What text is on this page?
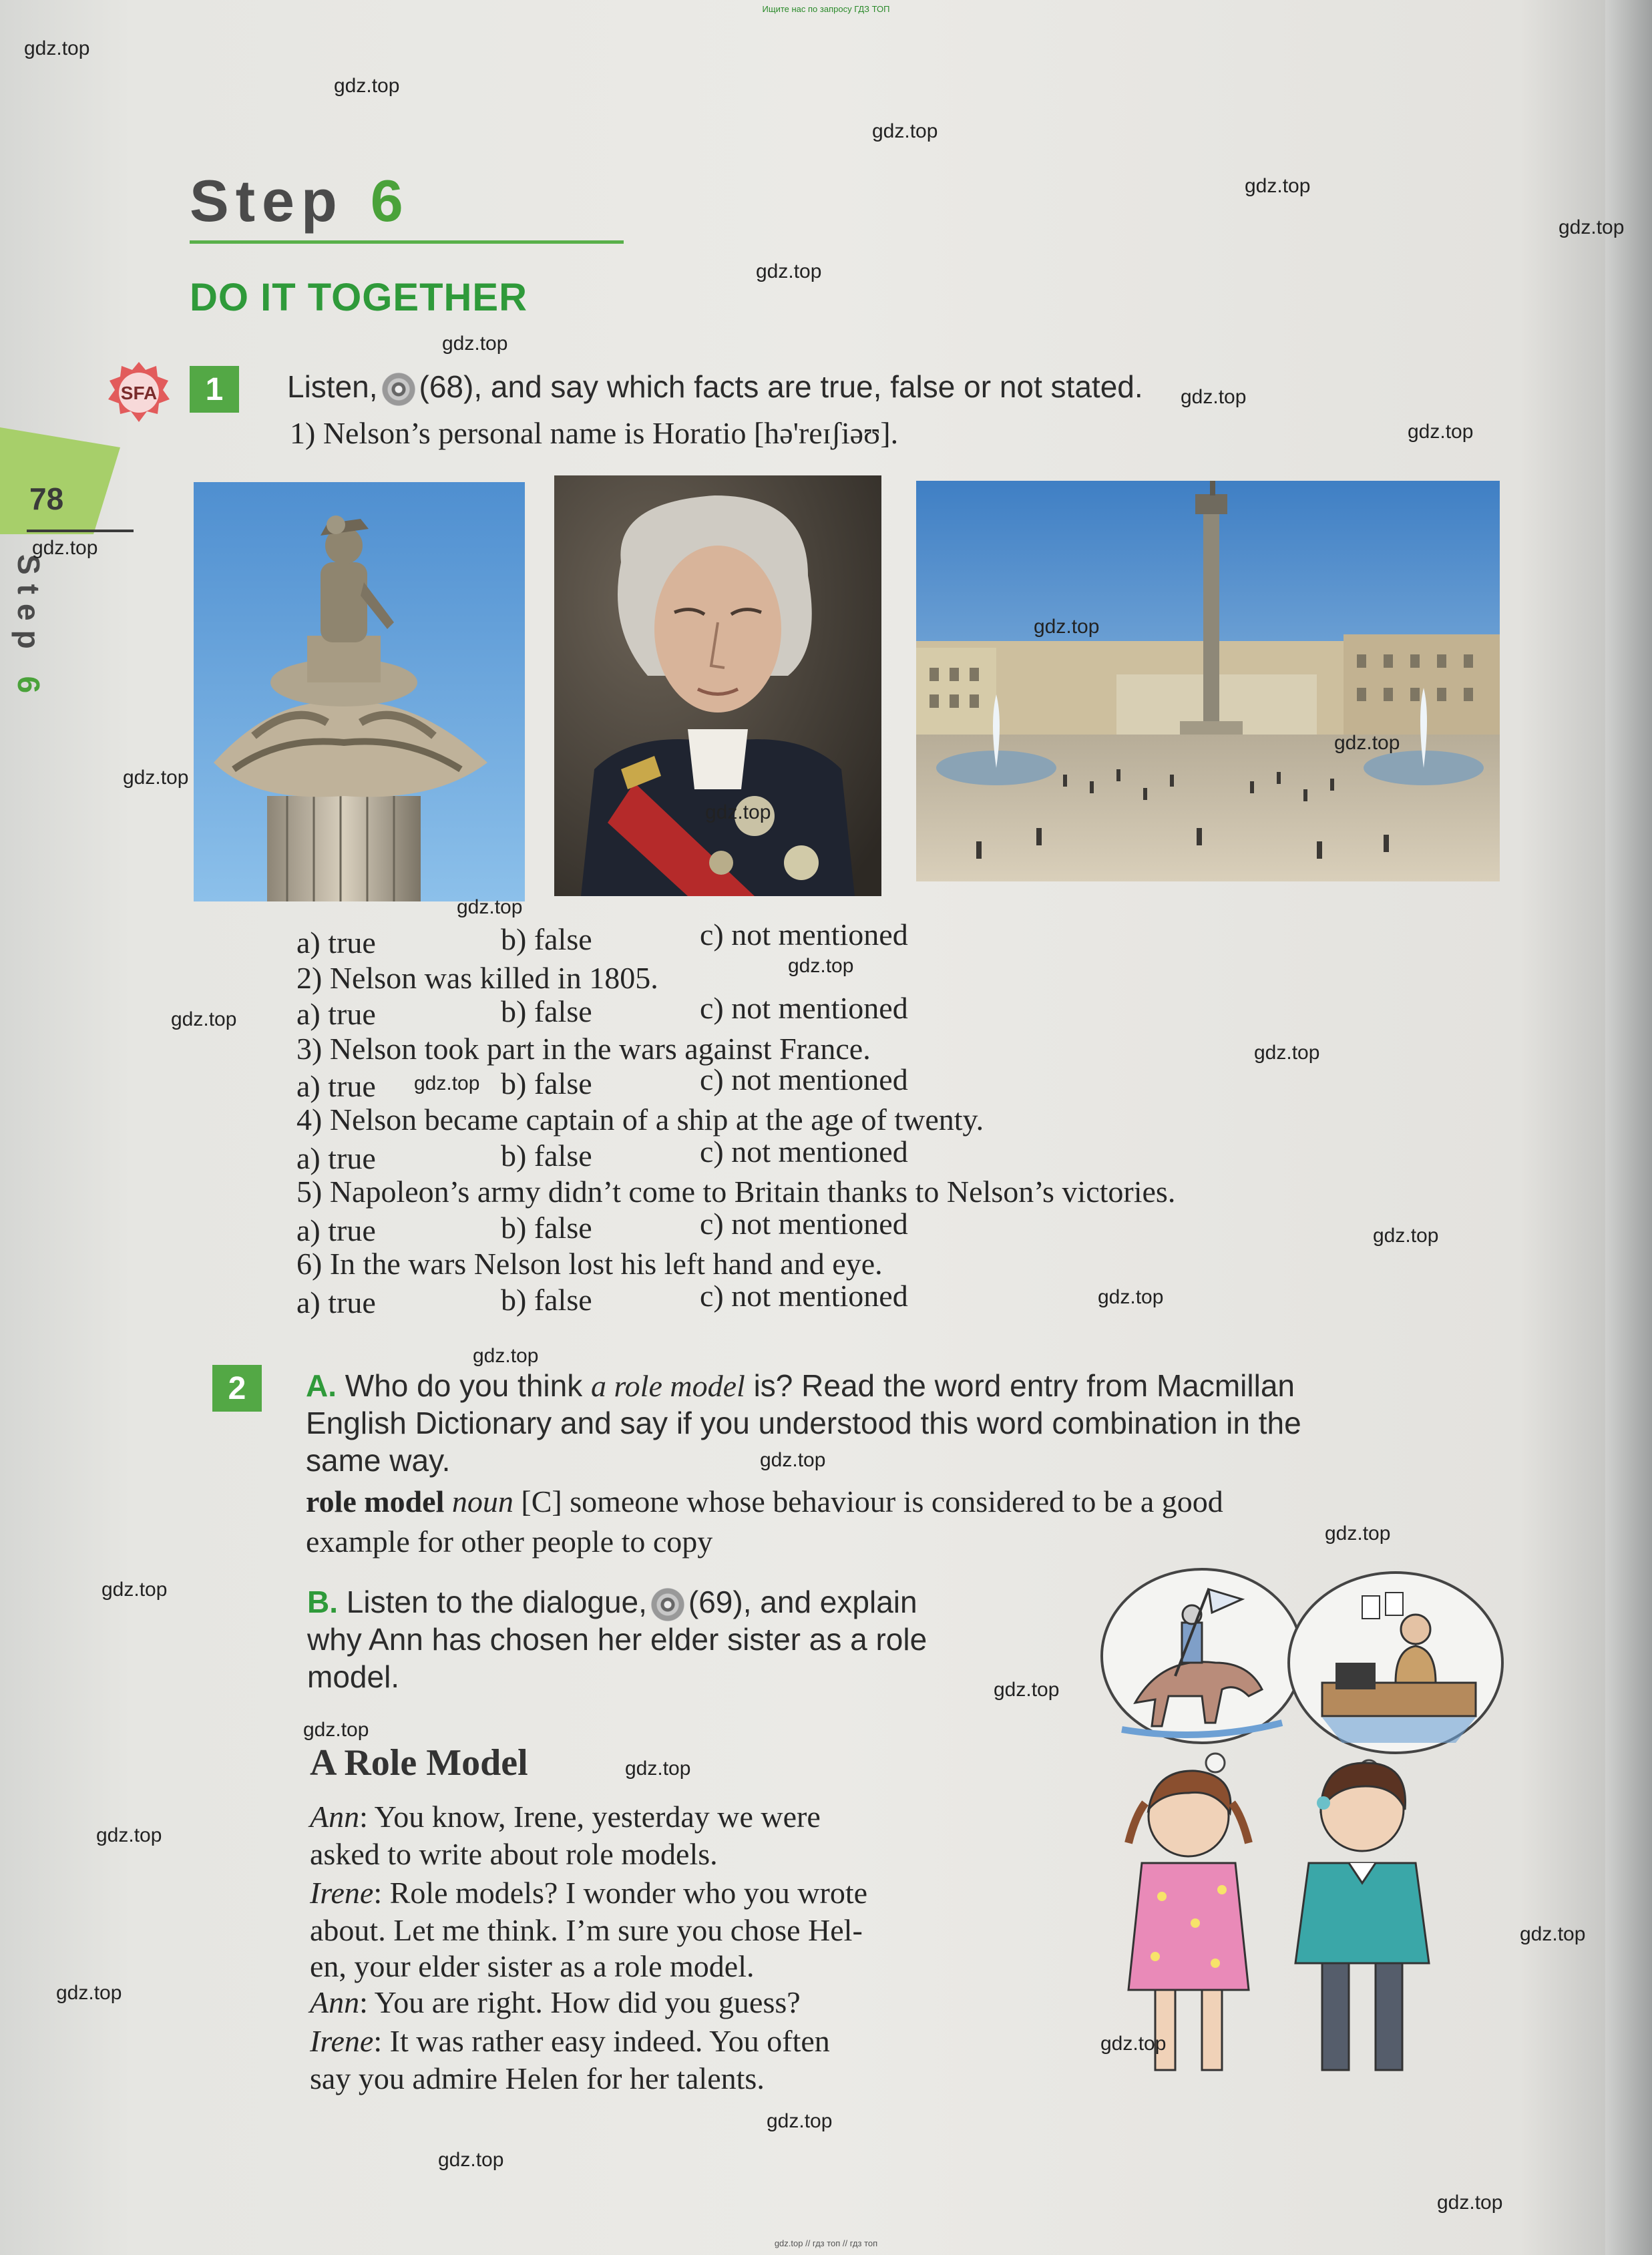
Ищите нас по запросу ГДЗ ТОП
gdz.top // гдз топ // гдз топ
Step 6
DO IT TOGETHER
78
Step 6
SFA	1	Listen, (68), and say which facts are true, false or not stated.
1) Nelson’s personal name is Horatio [hə'reɪʃiəʊ].
a) true	b) false	c) not mentioned
2) Nelson was killed in 1805.
a) true	b) false	c) not mentioned
3) Nelson took part in the wars against France.
a) true	b) false	c) not mentioned
4) Nelson became captain of a ship at the age of twenty.
a) true	b) false	c) not mentioned
5) Napoleon’s army didn’t come to Britain thanks to Nelson’s victories.
a) true	b) false	c) not mentioned
6) In the wars Nelson lost his left hand and eye.
a) true	b) false	c) not mentioned
2	A. Who do you think a role model is? Read the word entry from Macmillan
English Dictionary and say if you understood this word combination in the
same way.
role model noun [C] someone whose behaviour is considered to be a good
example for other people to copy
B. Listen to the dialogue, (69), and explain
why Ann has chosen her elder sister as a role
model.
A Role Model
Ann: You know, Irene, yesterday we were
asked to write about role models.
Irene: Role models? I wonder who you wrote
about. Let me think. I’m sure you chose Hel-
en, your elder sister as a role model.
Ann: You are right. How did you guess?
Irene: It was rather easy indeed. You often
say you admire Helen for her talents.
gdz.top
gdz.top
gdz.top
gdz.top
gdz.top
gdz.top
gdz.top
gdz.top
gdz.top
gdz.top
gdz.top
gdz.top
gdz.top
gdz.top
gdz.top
gdz.top
gdz.top
gdz.top
gdz.top
gdz.top
gdz.top
gdz.top
gdz.top
gdz.top
gdz.top
gdz.top
gdz.top
gdz.top
gdz.top
gdz.top
gdz.top
gdz.top
gdz.top
gdz.top
gdz.top
